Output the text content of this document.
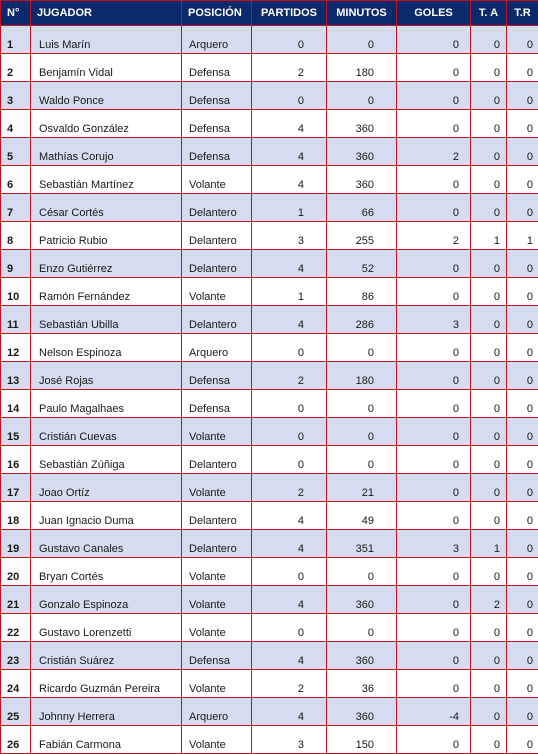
N°	JUGADOR	POSICIÓN	PARTIDOS	MINUTOS	GOLES	T. A	T.R
1	Luis Marín	Arquero	0	0	0	0	0
2	Benjamín Vidal	Defensa	2	180	0	0	0
3	Waldo Ponce	Defensa	0	0	0	0	0
4	Osvaldo González	Defensa	4	360	0	0	0
5	Mathías Corujo	Defensa	4	360	2	0	0
6	Sebastián Martínez	Volante	4	360	0	0	0
7	César Cortés	Delantero	1	66	0	0	0
8	Patricio Rubio	Delantero	3	255	2	1	1
9	Enzo Gutiérrez	Delantero	4	52	0	0	0
10	Ramón Fernández	Volante	1	86	0	0	0
11	Sebastián Ubilla	Delantero	4	286	3	0	0
12	Nelson Espinoza	Arquero	0	0	0	0	0
13	José Rojas	Defensa	2	180	0	0	0
14	Paulo Magalhaes	Defensa	0	0	0	0	0
15	Cristián Cuevas	Volante	0	0	0	0	0
16	Sebastián Zúñiga	Delantero	0	0	0	0	0
17	Joao Ortíz	Volante	2	21	0	0	0
18	Juan Ignacio Duma	Delantero	4	49	0	0	0
19	Gustavo Canales	Delantero	4	351	3	1	0
20	Bryan Cortés	Volante	0	0	0	0	0
21	Gonzalo Espinoza	Volante	4	360	0	2	0
22	Gustavo Lorenzetti	Volante	0	0	0	0	0
23	Cristián Suárez	Defensa	4	360	0	0	0
24	Ricardo Guzmán Pereira	Volante	2	36	0	0	0
25	Johnny Herrera	Arquero	4	360	-4	0	0
26	Fabián Carmona	Volante	3	150	0	0	0
